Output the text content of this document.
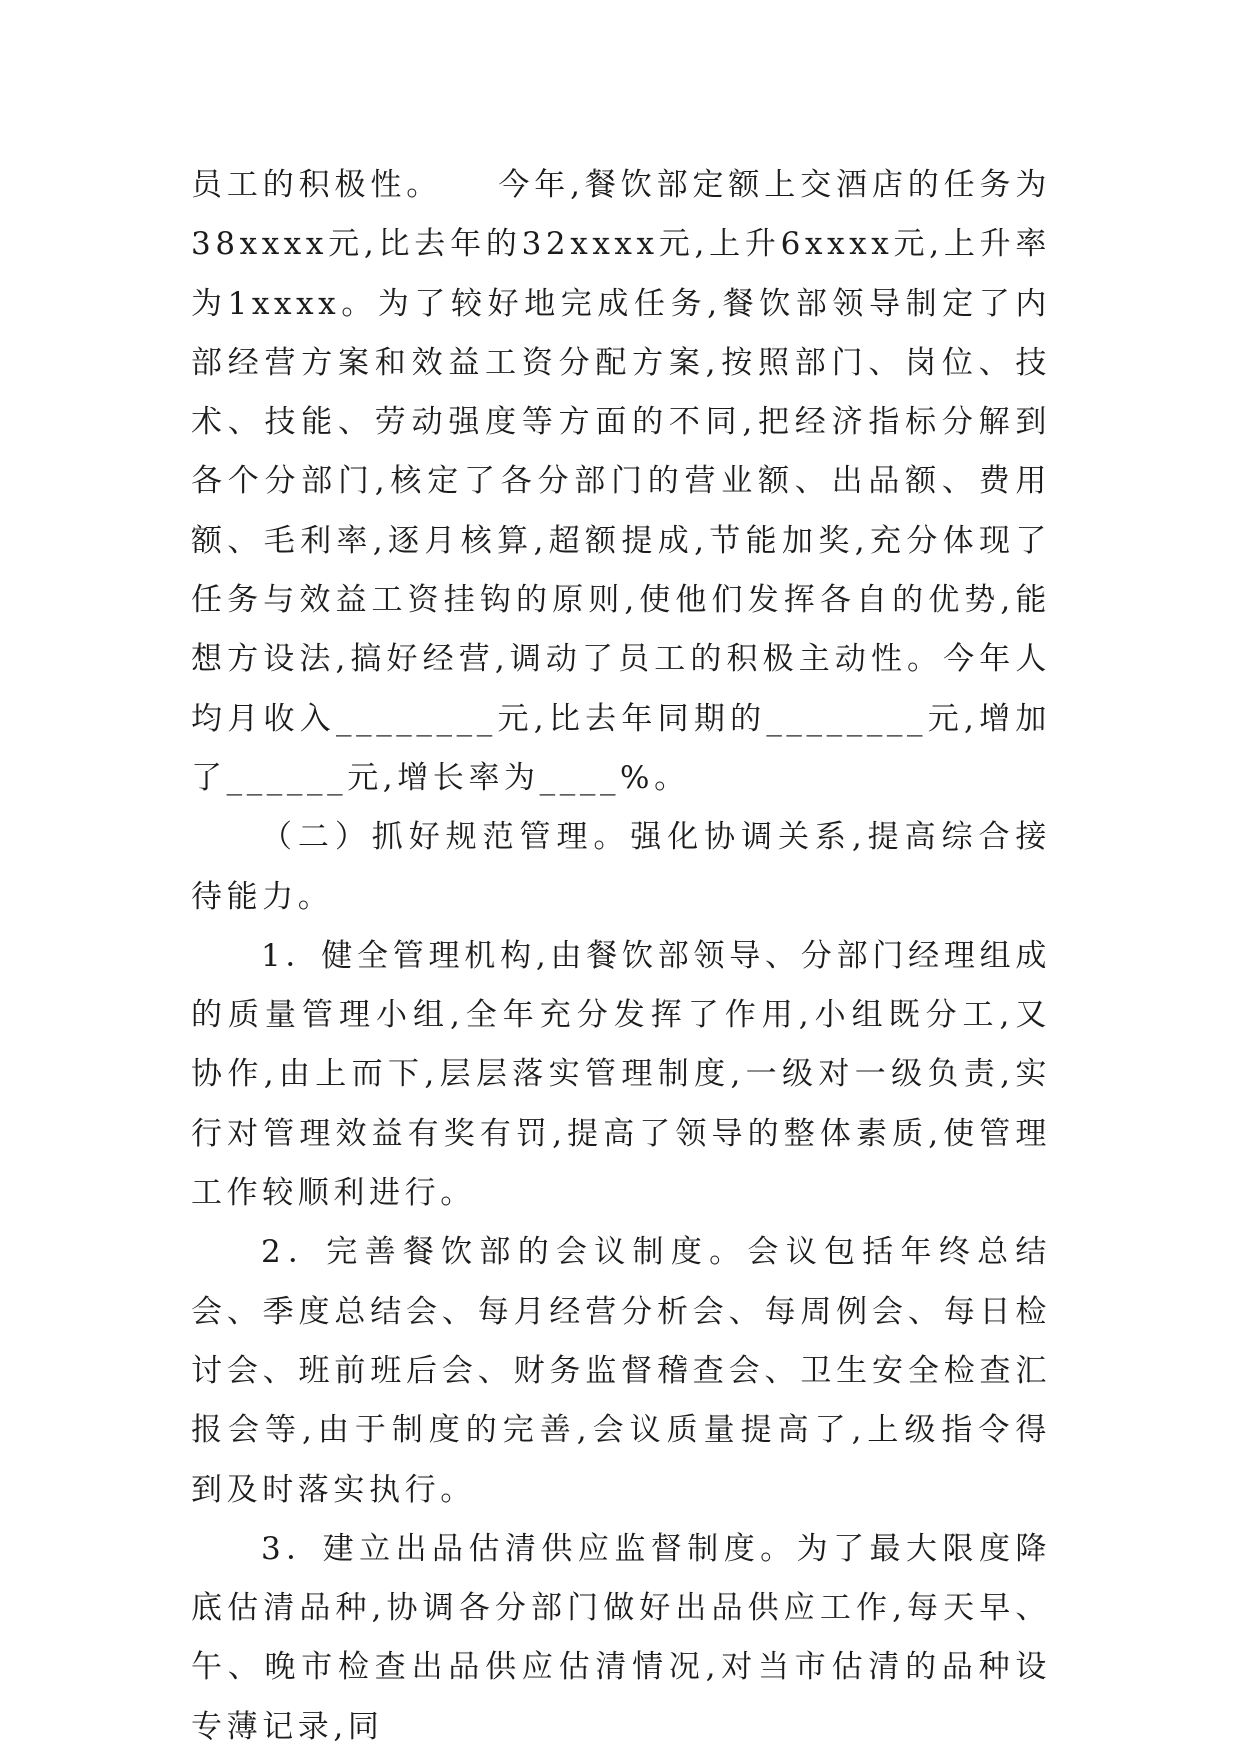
员工的积极性。　　今年,餐饮部定额上交酒店的任务为38xxxx元,比去年的32xxxx元,上升6xxxx元,上升率为1xxxx。为了较好地完成任务,餐饮部领导制定了内部经营方案和效益工资分配方案,按照部门、岗位、技术、技能、劳动强度等方面的不同,把经济指标分解到各个分部门,核定了各分部门的营业额、出品额、费用额、毛利率,逐月核算,超额提成,节能加奖,充分体现了任务与效益工资挂钩的原则,使他们发挥各自的优势,能想方设法,搞好经营,调动了员工的积极主动性。今年人均月收入________元,比去年同期的________元,增加了______元,增长率为____%。

（二）抓好规范管理。强化协调关系,提高综合接待能力。

1．健全管理机构,由餐饮部领导、分部门经理组成的质量管理小组,全年充分发挥了作用,小组既分工,又协作,由上而下,层层落实管理制度,一级对一级负责,实行对管理效益有奖有罚,提高了领导的整体素质,使管理工作较顺利进行。

2．完善餐饮部的会议制度。会议包括年终总结会、季度总结会、每月经营分析会、每周例会、每日检讨会、班前班后会、财务监督稽查会、卫生安全检查汇报会等,由于制度的完善,会议质量提高了,上级指令得到及时落实执行。

3．建立出品估清供应监督制度。为了最大限度降底估清品种,协调各分部门做好出品供应工作,每天早、午、晚市检查出品供应估清情况,对当市估清的品种设专薄记录,同
